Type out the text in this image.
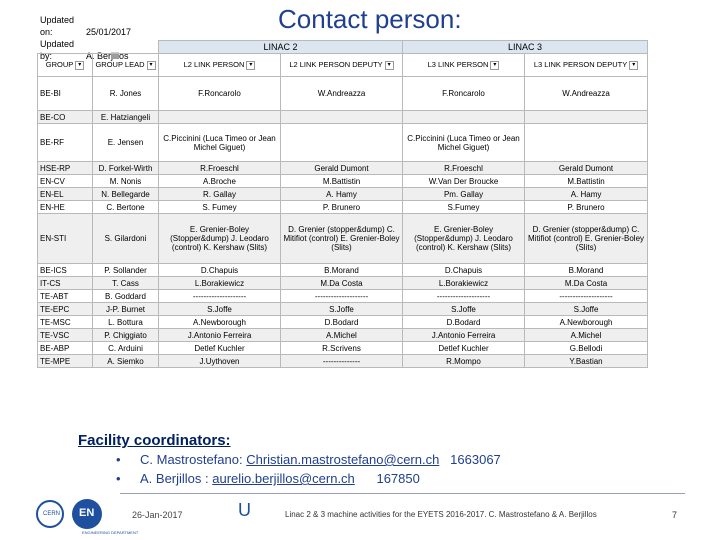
Updated on:	25/01/2017
Updated by:	A. Berjillos
Contact person:
		LINAC 2		LINAC 3	
GROUP ▾	GROUP LEAD ▾	L2 LINK PERSON ▾	L2 LINK PERSON DEPUTY ▾	L3 LINK PERSON ▾	L3 LINK PERSON DEPUTY ▾
BE-BI	R. Jones	F.Roncarolo	W.Andreazza	F.Roncarolo	W.Andreazza
BE-CO	E. Hatziangeli				
BE-RF	E. Jensen	C.Piccinini (Luca Timeo or Jean Michel Giguet)		C.Piccinini (Luca Timeo or Jean Michel Giguet)	
HSE-RP	D. Forkel-Wirth	R.Froeschl	Gerald Dumont	R.Froeschl	Gerald Dumont
EN-CV	M. Nonis	A.Broche	M.Battistin	W.Van Der Broucke	M.Battistin
EN-EL	N. Bellegarde	R. Gallay	A. Hamy	Pm. Gallay	A. Hamy
EN-HE	C. Bertone	S. Fumey	P. Brunero	S.Fumey	P. Brunero
EN-STI	S. Gilardoni	E. Grenier-Boley (Stopper&dump) J. Leodaro (control) K. Kershaw (Slits)	D. Grenier (stopper&dump) C. Mitifiot (control) E. Grenier-Boley (Slits)	E. Grenier-Boley (Stopper&dump) J. Leodaro (control) K. Kershaw (Slits)	D. Grenier (stopper&dump) C. Mitifiot (control) E. Grenier-Boley (Slits)
BE-ICS	P. Sollander	D.Chapuis	B.Morand	D.Chapuis	B.Morand
IT-CS	T. Cass	L.Borakiewicz	M.Da Costa	L.Borakiewicz	M.Da Costa
TE-ABT	B. Goddard	--------------------	--------------------	--------------------	--------------------
TE-EPC	J-P. Burnet	S.Joffe	S.Joffe	S.Joffe	S.Joffe
TE-MSC	L. Bottura	A.Newborough	D.Bodard	D.Bodard	A.Newborough
TE-VSC	P. Chiggiato	J.Antonio Ferreira	A.Michel	J.Antonio Ferreira	A.Michel
BE-ABP	C. Arduini	Detlef Kuchler	R.Scrivens	Detlef Kuchler	G.Bellodi
TE-MPE	A. Siemko	J.Uythoven	--------------	R.Mompo	Y.Bastian
Facility coordinators:
• C. Mastrostefano: Christian.mastrostefano@cern.ch 1663067
• A. Berjillos : aurelio.berjillos@cern.ch 167850
CERN EN
ENGINEERING DEPARTMENT
26-Jan-2017	U	Linac 2 & 3 machine activities for the EYETS 2016-2017. C. Mastrostefano & A. Berjillos	7
